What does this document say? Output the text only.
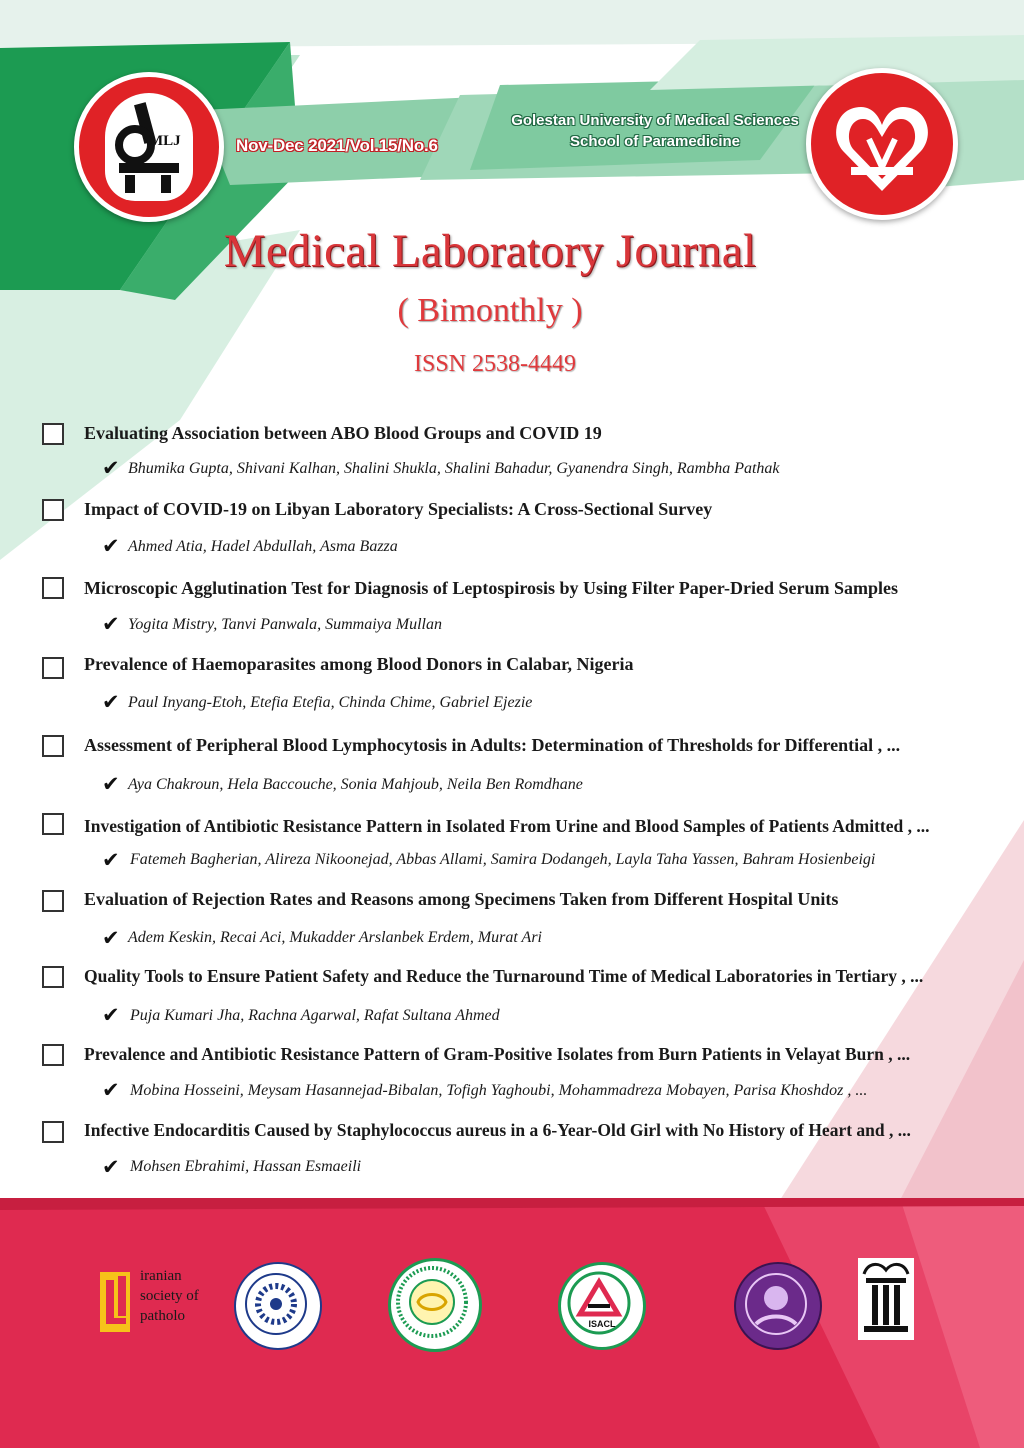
MLJ	Nov-Dec 2021/Vol.15/No.6
Golestan University of Medical Sciences
School of Paramedicine
Medical Laboratory Journal
( Bimonthly )
ISSN 2538-4449
Evaluating Association between ABO Blood Groups and COVID 19
✔ Bhumika Gupta, Shivani Kalhan, Shalini Shukla, Shalini Bahadur, Gyanendra Singh, Rambha Pathak
Impact of COVID-19 on Libyan Laboratory Specialists: A Cross-Sectional Survey
✔ Ahmed Atia, Hadel Abdullah, Asma Bazza
Microscopic Agglutination Test for Diagnosis of Leptospirosis by Using Filter Paper-Dried Serum Samples
✔ Yogita Mistry, Tanvi Panwala, Summaiya Mullan
Prevalence of Haemoparasites among Blood Donors in Calabar, Nigeria
✔ Paul Inyang-Etoh, Etefia Etefia, Chinda Chime, Gabriel Ejezie
Assessment of Peripheral Blood Lymphocytosis in Adults: Determination of Thresholds for Differential , ...
✔ Aya Chakroun, Hela Baccouche, Sonia Mahjoub, Neila Ben Romdhane
Investigation of Antibiotic Resistance Pattern in Isolated From Urine and Blood Samples of Patients Admitted , ...
✔ Fatemeh Bagherian, Alireza Nikoonejad, Abbas Allami, Samira Dodangeh, Layla Taha Yassen, Bahram Hosienbeigi
Evaluation of Rejection Rates and Reasons among Specimens Taken from Different Hospital Units
✔ Adem Keskin, Recai Aci, Mukadder Arslanbek Erdem, Murat Ari
Quality Tools to Ensure Patient Safety and Reduce the Turnaround Time of Medical Laboratories in Tertiary , ...
✔ Puja Kumari Jha, Rachna Agarwal, Rafat Sultana Ahmed
Prevalence and Antibiotic Resistance Pattern of Gram-Positive Isolates from Burn Patients in Velayat Burn , ...
✔ Mobina Hosseini, Meysam Hasannejad-Bibalan, Tofigh Yaghoubi, Mohammadreza Mobayen, Parisa Khoshdoz , ...
Infective Endocarditis Caused by Staphylococcus aureus in a 6-Year-Old Girl with No History of Heart and , ...
✔ Mohsen Ebrahimi, Hassan Esmaeili
iranian
society of
patholo	ISACL
